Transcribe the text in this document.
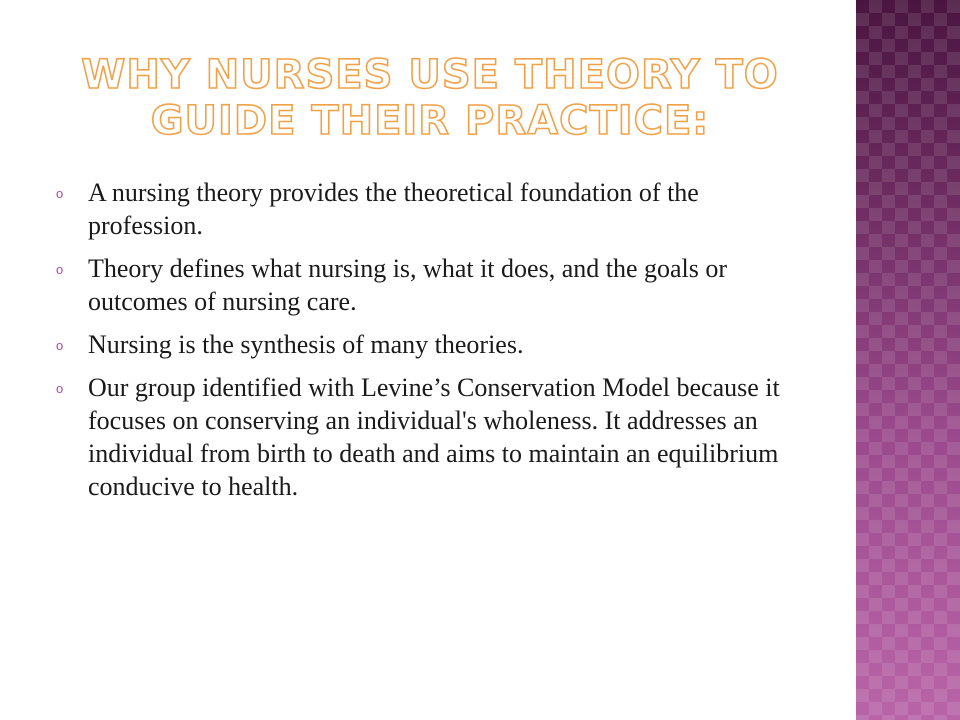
WHY NURSES USE THEORY TO
GUIDE THEIR PRACTICE:
o A nursing theory provides the theoretical foundation of the profession.
o Theory defines what nursing is, what it does, and the goals or outcomes of nursing care.
o Nursing is the synthesis of many theories.
o Our group identified with Levine’s Conservation Model because it focuses on conserving an individual's wholeness. It addresses an individual from birth to death and aims to maintain an equilibrium conducive to health.
